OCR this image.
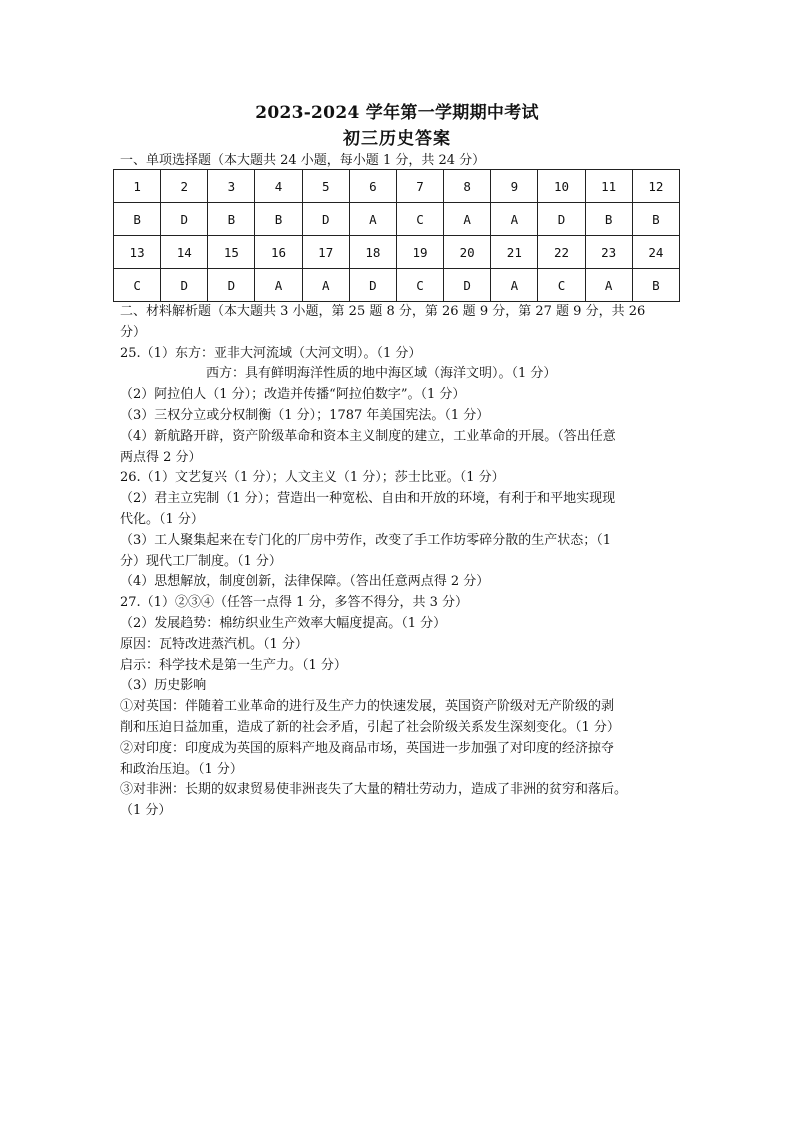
2023-2024 学年第一学期期中考试
初三历史答案
一、单项选择题（本大题共 24 小题，每小题 1 分，共 24 分）
1	2	3	4	5	6	7	8	9	10	11	12
B	D	B	B	D	A	C	A	A	D	B	B
13	14	15	16	17	18	19	20	21	22	23	24
C	D	D	A	A	D	C	D	A	C	A	B

二、材料解析题（本大题共 3 小题，第 25 题 8 分，第 26 题 9 分，第 27 题 9 分，共 26

分）

25.（1）东方：亚非大河流域（大河文明）。（1 分）

西方：具有鲜明海洋性质的地中海区域（海洋文明）。（1 分）

（2）阿拉伯人（1 分）；改造并传播“阿拉伯数字”。（1 分）

（3）三权分立或分权制衡（1 分）；1787 年美国宪法。（1 分）

（4）新航路开辟，资产阶级革命和资本主义制度的建立，工业革命的开展。（答出任意

两点得 2 分）

26.（1）文艺复兴（1 分）；人文主义（1 分）；莎士比亚。（1 分）

（2）君主立宪制（1 分）；营造出一种宽松、自由和开放的环境，有利于和平地实现现

代化。（1 分）

（3）工人聚集起来在专门化的厂房中劳作，改变了手工作坊零碎分散的生产状态；（1

分）现代工厂制度。（1 分）

（4）思想解放，制度创新，法律保障。（答出任意两点得 2 分）

27.（1）②③④（任答一点得 1 分，多答不得分，共 3 分）

（2）发展趋势：棉纺织业生产效率大幅度提高。（1 分）

原因：瓦特改进蒸汽机。（1 分）

启示：科学技术是第一生产力。（1 分）

（3）历史影响

①对英国：伴随着工业革命的进行及生产力的快速发展，英国资产阶级对无产阶级的剥

削和压迫日益加重，造成了新的社会矛盾，引起了社会阶级关系发生深刻变化。（1 分）

②对印度：印度成为英国的原料产地及商品市场，英国进一步加强了对印度的经济掠夺

和政治压迫。（1 分）

③对非洲：长期的奴隶贸易使非洲丧失了大量的精壮劳动力，造成了非洲的贫穷和落后。

（1 分）
